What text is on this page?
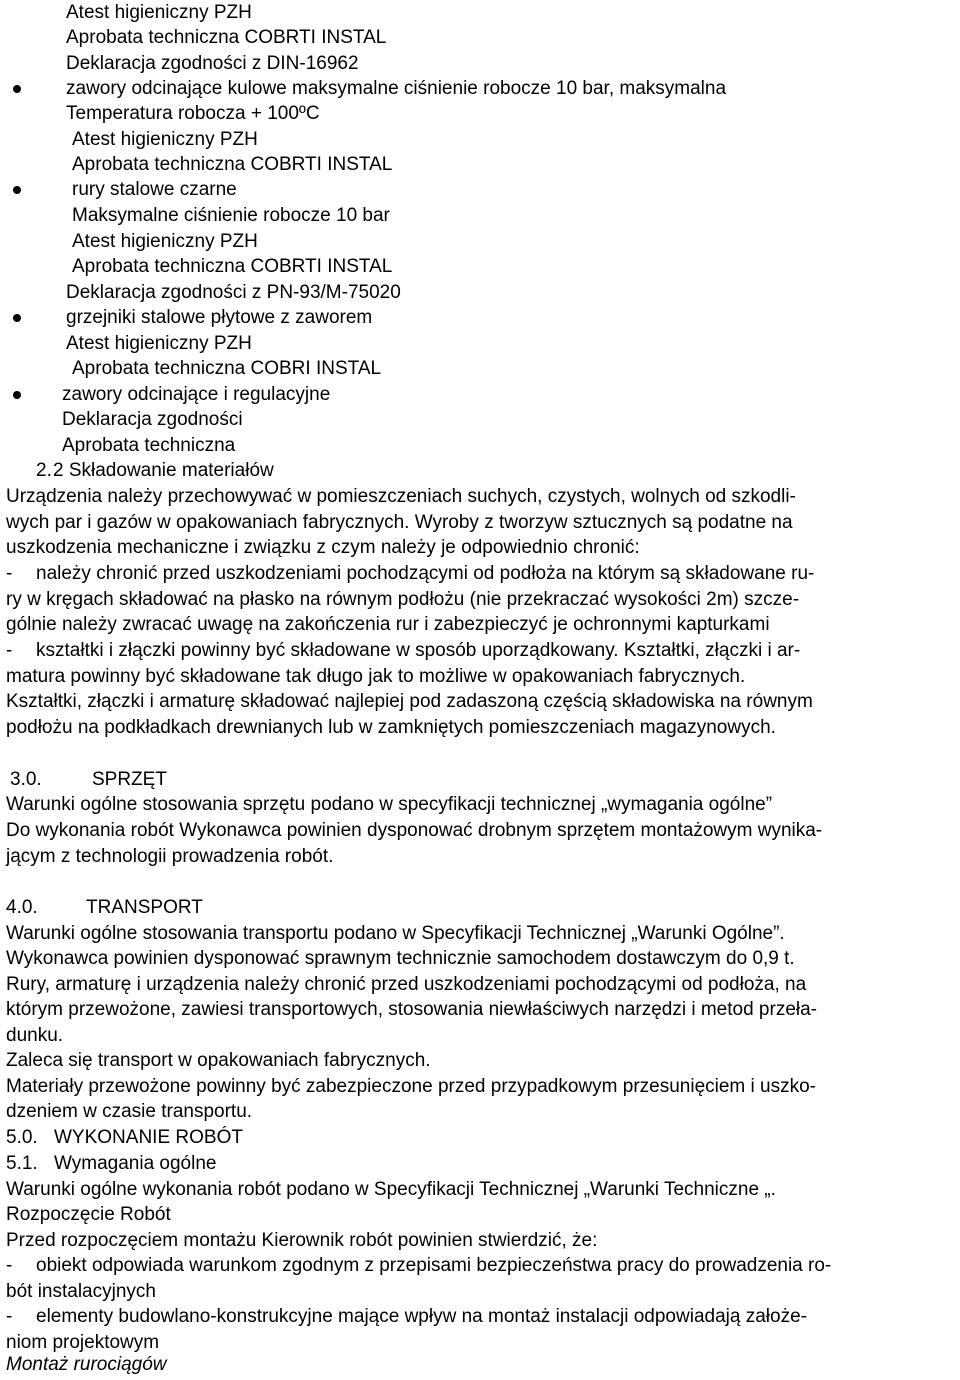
Atest higieniczny PZH
Aprobata techniczna COBRTI INSTAL
Deklaracja zgodności z DIN-16962
zawory odcinające kulowe maksymalne ciśnienie robocze 10 bar, maksymalna
Temperatura robocza + 100ºC
Atest higieniczny PZH
Aprobata techniczna COBRTI INSTAL
rury stalowe czarne
Maksymalne ciśnienie robocze 10 bar
Atest higieniczny PZH
Aprobata techniczna COBRTI INSTAL
Deklaracja zgodności z PN-93/M-75020
grzejniki stalowe płytowe z zaworem
Atest higieniczny PZH
Aprobata techniczna COBRI INSTAL
zawory odcinające i regulacyjne
Deklaracja zgodności
Aprobata techniczna
2. 2 Składowanie materiałów
Urządzenia należy przechowywać w pomieszczeniach suchych, czystych, wolnych od szkodli-
wych par i gazów w opakowaniach fabrycznych. Wyroby z tworzyw sztucznych są podatne na
uszkodzenia mechaniczne i związku z czym należy je odpowiednio chronić:
- należy chronić przed uszkodzeniami pochodzącymi od podłoża na którym są składowane ru-
ry w kręgach składować na płasko na równym podłożu (nie przekraczać wysokości 2m) szcze-
gólnie należy zwracać uwagę na zakończenia rur i zabezpieczyć je ochronnymi kapturkami
- kształtki i złączki powinny być składowane w sposób uporządkowany. Kształtki, złączki i ar-
matura powinny być składowane tak długo jak to możliwe w opakowaniach fabrycznych.
Kształtki, złączki i armaturę składować najlepiej pod zadaszoną częścią składowiska na równym
podłożu na podkładkach drewnianych lub w zamkniętych pomieszczeniach magazynowych.
3.0.	SPRZĘT
Warunki ogólne stosowania sprzętu podano w specyfikacji technicznej „wymagania ogólne”
Do wykonania robót Wykonawca powinien dysponować drobnym sprzętem montażowym wynika-
jącym z technologii prowadzenia robót.
4.0.	TRANSPORT
Warunki ogólne stosowania transportu podano w Specyfikacji Technicznej „Warunki Ogólne”.
Wykonawca powinien dysponować sprawnym technicznie samochodem dostawczym do 0,9 t.
Rury, armaturę i urządzenia należy chronić przed uszkodzeniami pochodzącymi od podłoża, na
którym przewożone, zawiesi transportowych, stosowania niewłaściwych narzędzi i metod przeła-
dunku.
Zaleca się transport w opakowaniach fabrycznych.
Materiały przewożone powinny być zabezpieczone przed przypadkowym przesunięciem i uszko-
dzeniem w czasie transportu.
5.0. WYKONANIE ROBÓT
5.1. Wymagania ogólne
Warunki ogólne wykonania robót podano w Specyfikacji Technicznej „Warunki Techniczne „.
Rozpoczęcie Robót
Przed rozpoczęciem montażu Kierownik robót powinien stwierdzić, że:
- obiekt odpowiada warunkom zgodnym z przepisami bezpieczeństwa pracy do prowadzenia ro-
bót instalacyjnych
- elementy budowlano-konstrukcyjne mające wpływ na montaż instalacji odpowiadają założe-
niom projektowym
Montaż rurociągów
